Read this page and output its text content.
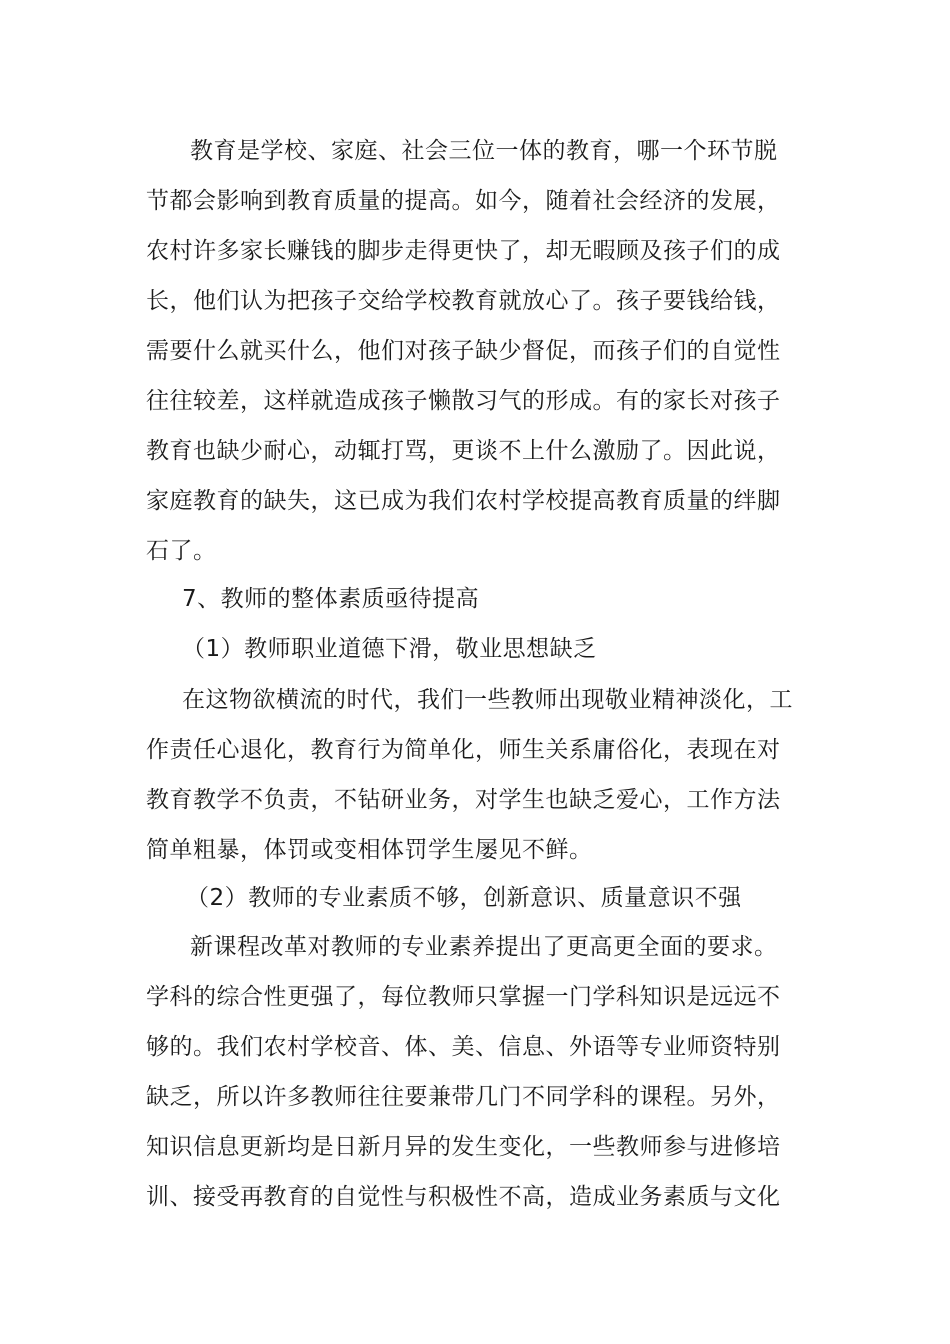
教育是学校、家庭、社会三位一体的教育，哪一个环节脱
节都会影响到教育质量的提高。如今，随着社会经济的发展，
农村许多家长赚钱的脚步走得更快了，却无暇顾及孩子们的成
长，他们认为把孩子交给学校教育就放心了。孩子要钱给钱，
需要什么就买什么，他们对孩子缺少督促，而孩子们的自觉性
往往较差，这样就造成孩子懒散习气的形成。有的家长对孩子
教育也缺少耐心，动辄打骂，更谈不上什么激励了。因此说，
家庭教育的缺失，这已成为我们农村学校提高教育质量的绊脚
石了。
7、教师的整体素质亟待提高
（1）教师职业道德下滑，敬业思想缺乏
在这物欲横流的时代，我们一些教师出现敬业精神淡化，工
作责任心退化，教育行为简单化，师生关系庸俗化，表现在对
教育教学不负责，不钻研业务，对学生也缺乏爱心，工作方法
简单粗暴，体罚或变相体罚学生屡见不鲜。
（2）教师的专业素质不够，创新意识、质量意识不强
新课程改革对教师的专业素养提出了更高更全面的要求。
学科的综合性更强了，每位教师只掌握一门学科知识是远远不
够的。我们农村学校音、体、美、信息、外语等专业师资特别
缺乏，所以许多教师往往要兼带几门不同学科的课程。另外，
知识信息更新均是日新月异的发生变化，一些教师参与进修培
训、接受再教育的自觉性与积极性不高，造成业务素质与文化
